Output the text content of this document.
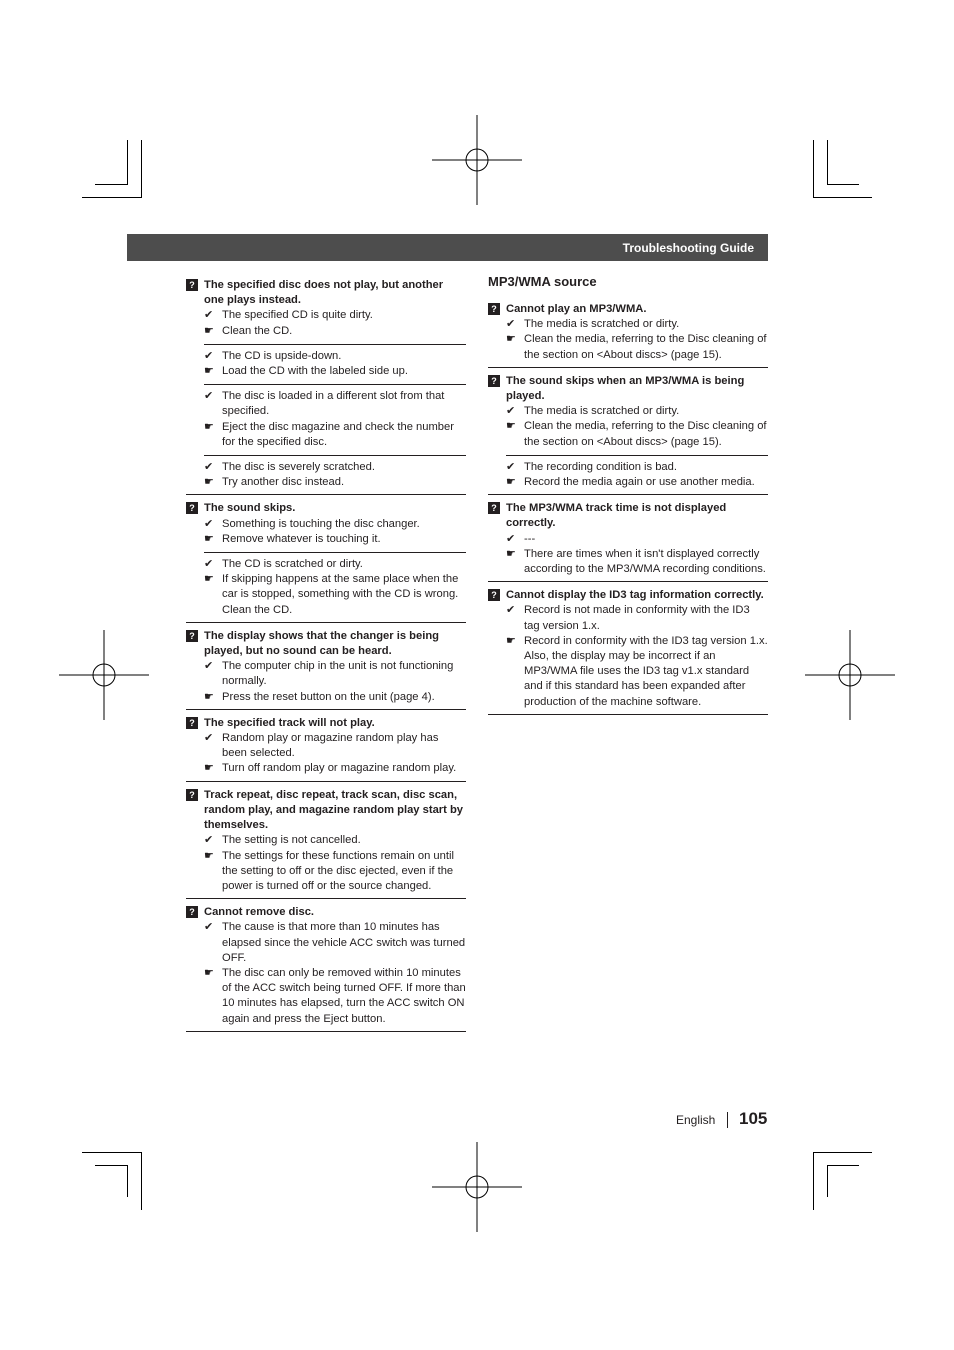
Troubleshooting Guide
? The specified disc does not play, but another one plays instead.
✔ The specified CD is quite dirty.
☛ Clean the CD.
✔ The CD is upside-down.
☛ Load the CD with the labeled side up.
✔ The disc is loaded in a different slot from that specified.
☛ Eject the disc magazine and check the number for the specified disc.
✔ The disc is severely scratched.
☛ Try another disc instead.
? The sound skips.
✔ Something is touching the disc changer.
☛ Remove whatever is touching it.
✔ The CD is scratched or dirty.
☛ If skipping happens at the same place when the car is stopped, something with the CD is wrong. Clean the CD.
? The display shows that the changer is being played, but no sound can be heard.
✔ The computer chip in the unit is not functioning normally.
☛ Press the reset button on the unit (page 4).
? The specified track will not play.
✔ Random play or magazine random play has been selected.
☛ Turn off random play or magazine random play.
? Track repeat, disc repeat, track scan, disc scan, random play, and magazine random play start by themselves.
✔ The setting is not cancelled.
☛ The settings for these functions remain on until the setting to off or the disc ejected, even if the power is turned off or the source changed.
? Cannot remove disc.
✔ The cause is that more than 10 minutes has elapsed since the vehicle ACC switch was turned OFF.
☛ The disc can only be removed within 10 minutes of the ACC switch being turned OFF. If more than 10 minutes has elapsed, turn the ACC switch ON again and press the Eject button.
MP3/WMA source
? Cannot play an MP3/WMA.
✔ The media is scratched or dirty.
☛ Clean the media, referring to the Disc cleaning of the section on <About discs> (page 15).
? The sound skips when an MP3/WMA is being played.
✔ The media is scratched or dirty.
☛ Clean the media, referring to the Disc cleaning of the section on <About discs> (page 15).
✔ The recording condition is bad.
☛ Record the media again or use another media.
? The MP3/WMA track time is not displayed correctly.
✔ ---
☛ There are times when it isn't displayed correctly according to the MP3/WMA recording conditions.
? Cannot display the ID3 tag information correctly.
✔ Record is not made in conformity with the ID3 tag version 1.x.
☛ Record in conformity with the ID3 tag version 1.x. Also, the display may be incorrect if an MP3/WMA file uses the ID3 tag v1.x standard and if this standard has been expanded after production of the machine software.
English 105
